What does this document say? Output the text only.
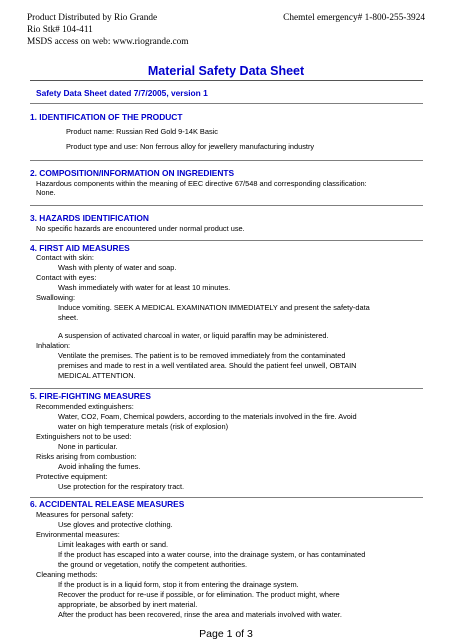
Product Distributed by Rio Grande
Rio Stk# 104-411
MSDS access on web: www.riogrande.com
Chemtel emergency# 1-800-255-3924
Material Safety Data Sheet
Safety Data Sheet dated 7/7/2005, version 1
1. IDENTIFICATION OF THE PRODUCT
Product name: Russian Red Gold 9-14K Basic
Product type and use: Non ferrous alloy for jewellery manufacturing industry
2. COMPOSITION/INFORMATION ON INGREDIENTS
Hazardous components within the meaning of EEC directive 67/548 and corresponding classification:
None.
3. HAZARDS IDENTIFICATION
No specific hazards are encountered under normal product use.
4. FIRST AID MEASURES
Contact with skin:
Wash with plenty of water and soap.
Contact with eyes:
Wash immediately with water for at least 10 minutes.
Swallowing:
Induce vomiting. SEEK A MEDICAL EXAMINATION IMMEDIATELY and present the safety-data
sheet.
A suspension of activated charcoal in water, or liquid paraffin may be administered.
Inhalation:
Ventilate the premises. The patient is to be removed immediately from the contaminated
premises and made to rest in a well ventilated area. Should the patient feel unwell, OBTAIN
MEDICAL ATTENTION.
5. FIRE-FIGHTING MEASURES
Recommended extinguishers:
Water, CO2, Foam, Chemical powders, according to the materials involved in the fire. Avoid
water on high temperature metals (risk of explosion)
Extinguishers not to be used:
None in particular.
Risks arising from combustion:
Avoid inhaling the fumes.
Protective equipment:
Use protection for the respiratory tract.
6. ACCIDENTAL RELEASE MEASURES
Measures for personal safety:
Use gloves and protective clothing.
Environmental measures:
Limit leakages with earth or sand.
If the product has escaped into a water course, into the drainage system, or has contaminated
the ground or vegetation, notify the competent authorities.
Cleaning methods:
If the product is in a liquid form, stop it from entering the drainage system.
Recover the product for re-use if possible, or for elimination. The product might, where
appropriate, be absorbed by inert material.
After the product has been recovered, rinse the area and materials involved with water.
Page 1 of 3
